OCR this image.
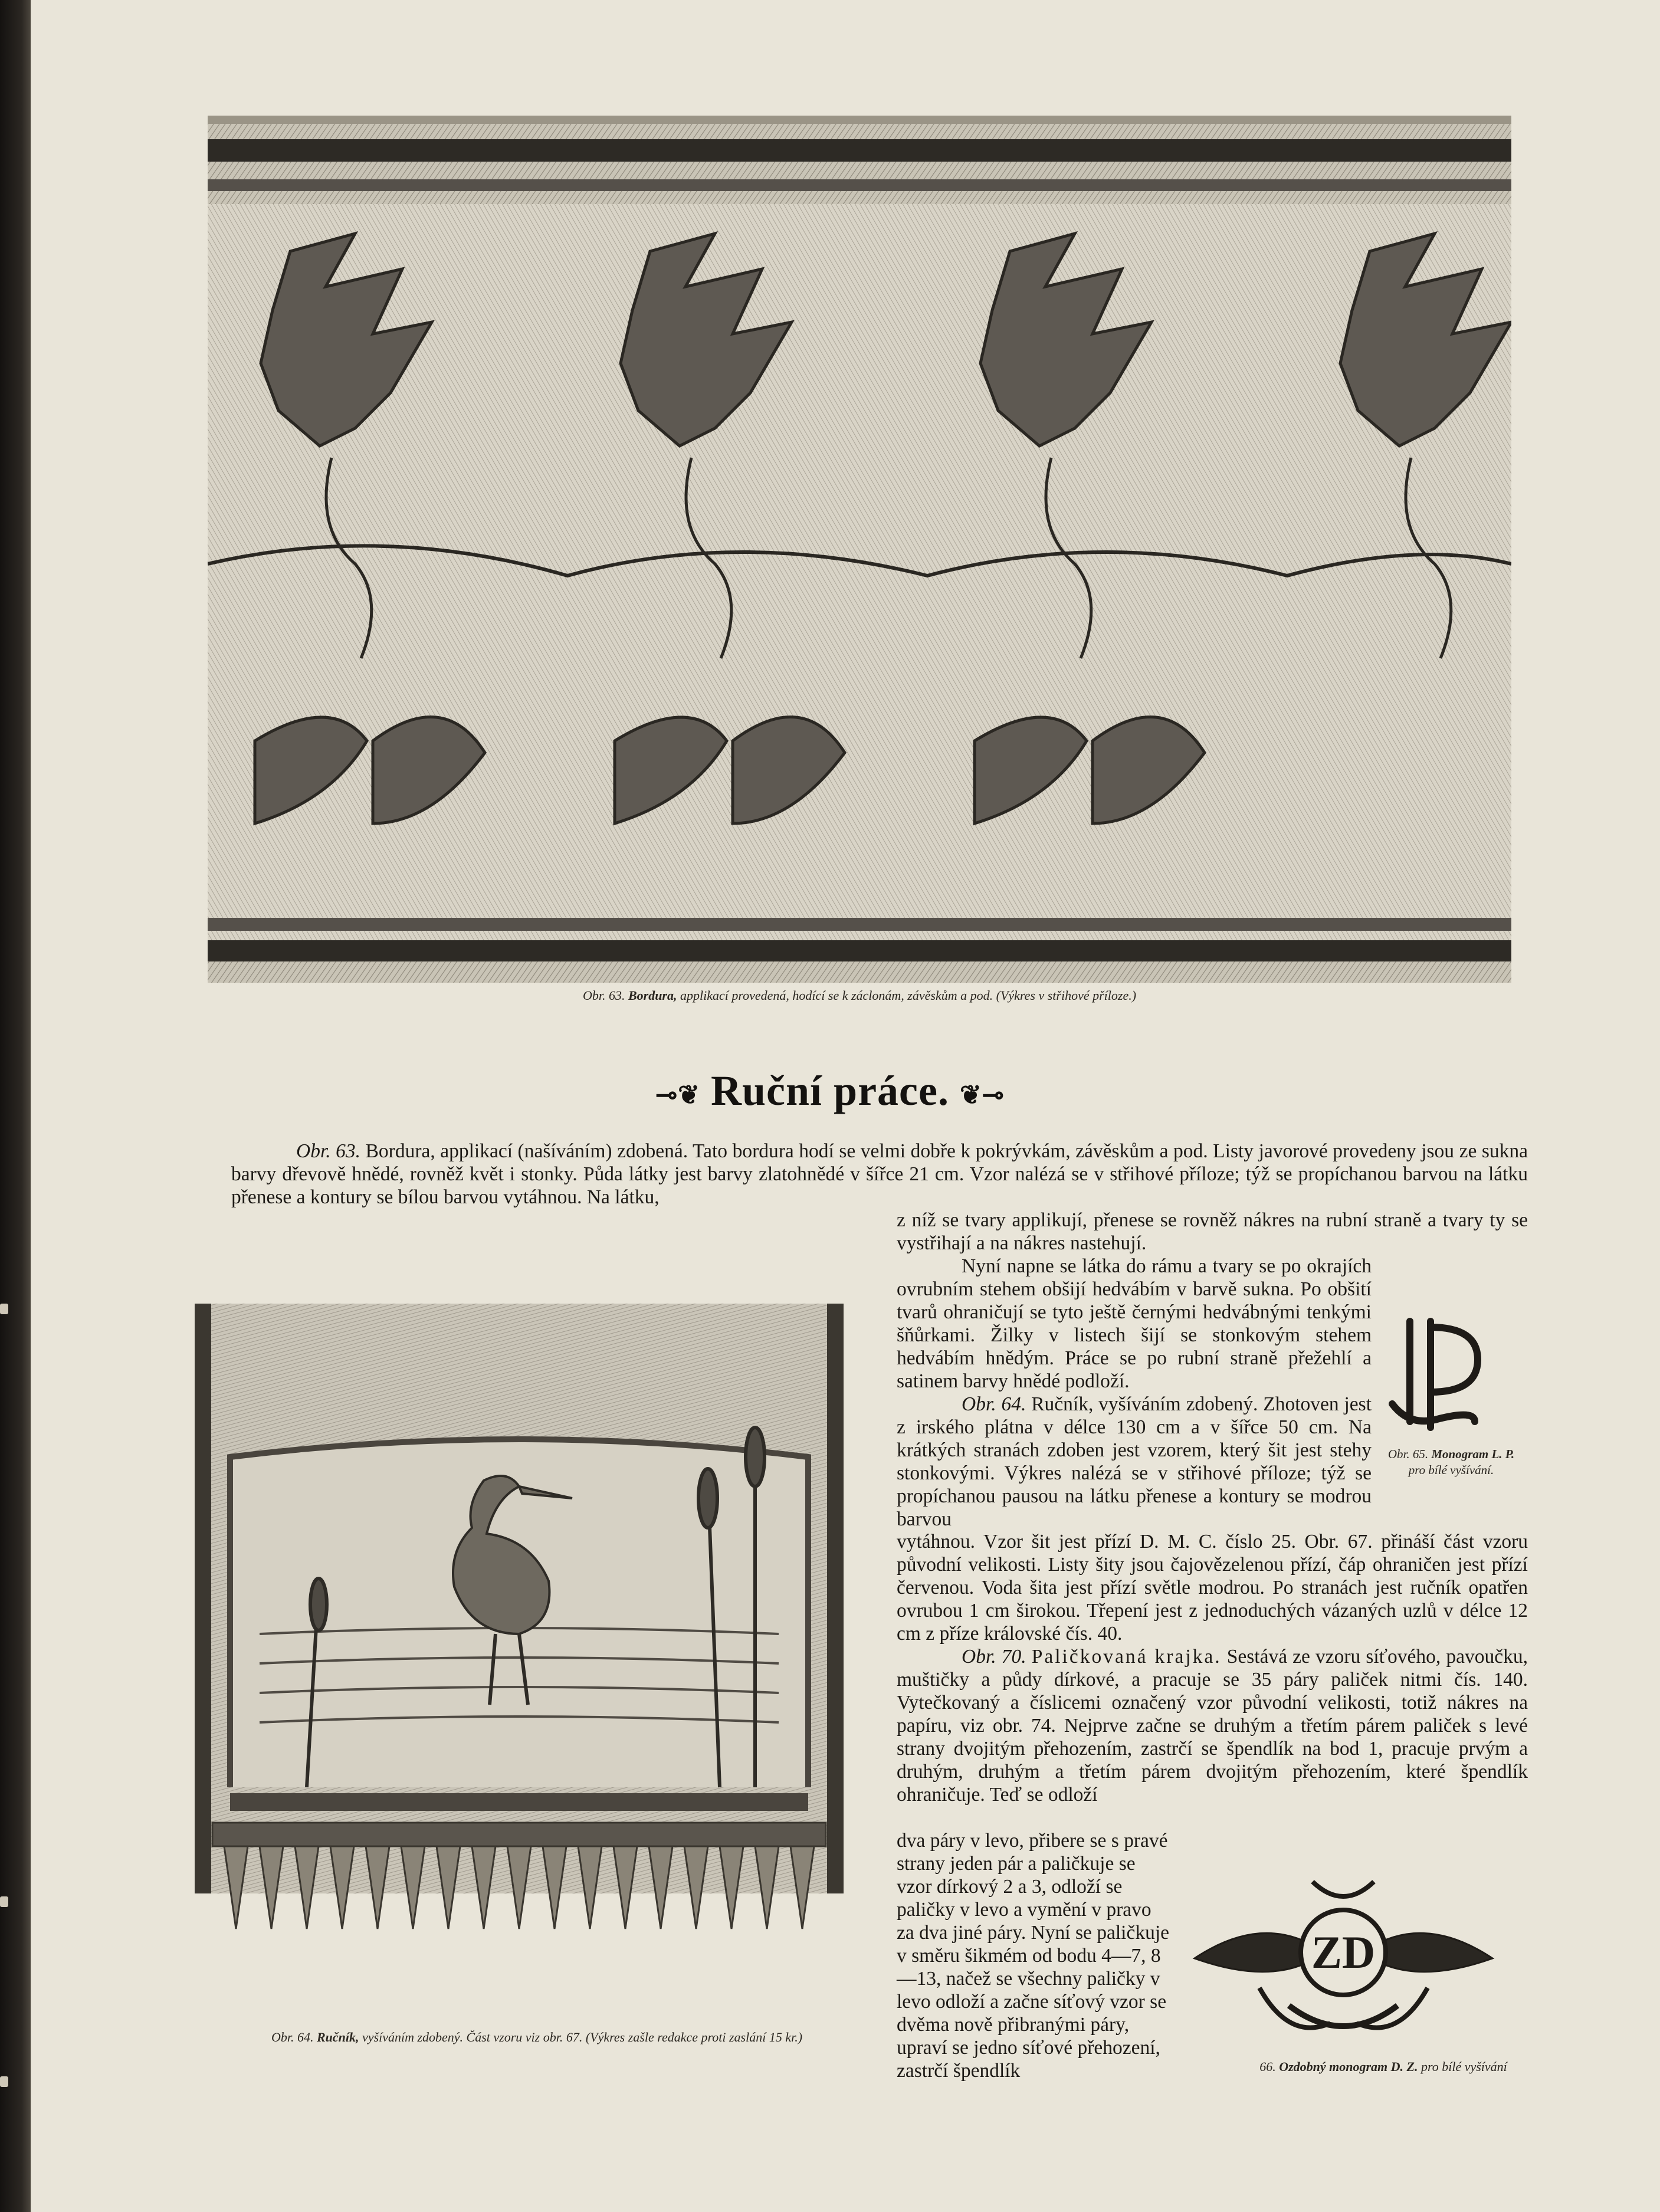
Obr. 63. Bordura, applikací provedená, hodící se k záclonám, závěskům a pod. (Výkres v střihové příloze.)
⊸❦ Ruční práce. ❦⊸

Obr. 63. Bordura, applikací (našíváním) zdobená. Tato bordura hodí se velmi dobře k pokrývkám, závěskům a pod. Listy javorové provedeny jsou ze sukna barvy dřevově hnědé, rovněž květ i stonky. Půda látky jest barvy zlatohnědé v šířce 21 cm. Vzor nalézá se v střihové příloze; týž se propíchanou barvou na látku přenese a kontury se bílou barvou vytáhnou. Na látku,

Obr. 64. Ručník, vyšíváním zdobený. Část vzoru viz obr. 67. (Výkres zašle redakce proti zaslání 15 kr.)

z níž se tvary applikují, přenese se rovněž nákres na rubní straně a tvary ty se vystřihají a na nákres nastehují.

Nyní napne se látka do rámu a tvary se po okrajích ovrubním stehem obšijí hedvábím v barvě sukna. Po obšití tvarů ohraničují se tyto ještě černými hedvábnými tenkými šňůrkami. Žilky v listech šijí se stonkovým stehem hedvábím hnědým. Práce se po rubní straně přežehlí a satinem barvy hnědé podloží.

Obr. 64. Ručník, vyšíváním zdobený. Zhotoven jest z irského plátna v délce 130 cm a v šířce 50 cm. Na krátkých stranách zdoben jest vzorem, který šit jest stehy stonkovými. Výkres nalézá se v střihové příloze; týž se propíchanou pausou na látku přenese a kontury se modrou barvou

Obr. 65. Monogram L. P. pro bílé vyšívání.

vytáhnou. Vzor šit jest přízí D. M. C. číslo 25. Obr. 67. přináší část vzoru původní velikosti. Listy šity jsou čajovězelenou přízí, čáp ohraničen jest přízí červenou. Voda šita jest přízí světle modrou. Po stranách jest ručník opatřen ovrubou 1 cm širokou. Třepení jest z jednoduchých vázaných uzlů v délce 12 cm z příze královské čís. 40.

Obr. 70. Paličkovaná krajka. Sestává ze vzoru síťového, pavoučku, muštičky a půdy dírkové, a pracuje se 35 páry paliček nitmi čís. 140. Vytečkovaný a číslicemi označený vzor původní velikosti, totiž nákres na papíru, viz obr. 74. Nejprve začne se druhým a třetím párem paliček s levé strany dvojitým přehozením, zastrčí se špendlík na bod 1, pracuje prvým a druhým, druhým a třetím párem dvojitým přehozením, které špendlík ohraničuje. Teď se odloží

dva páry v levo, přibere se s pravé strany jeden pár a paličkuje se vzor dírkový 2 a 3, odloží se paličky v levo a vymění v pravo za dva jiné páry. Nyní se paličkuje v směru šikmém od bodu 4—7, 8—13, načež se všechny paličky v levo odloží a začne síťový vzor se dvěma nově přibranými páry, upraví se jedno síťové přehození, zastrčí špendlík

ZD
66. Ozdobný monogram D. Z. pro bílé vyšívání
